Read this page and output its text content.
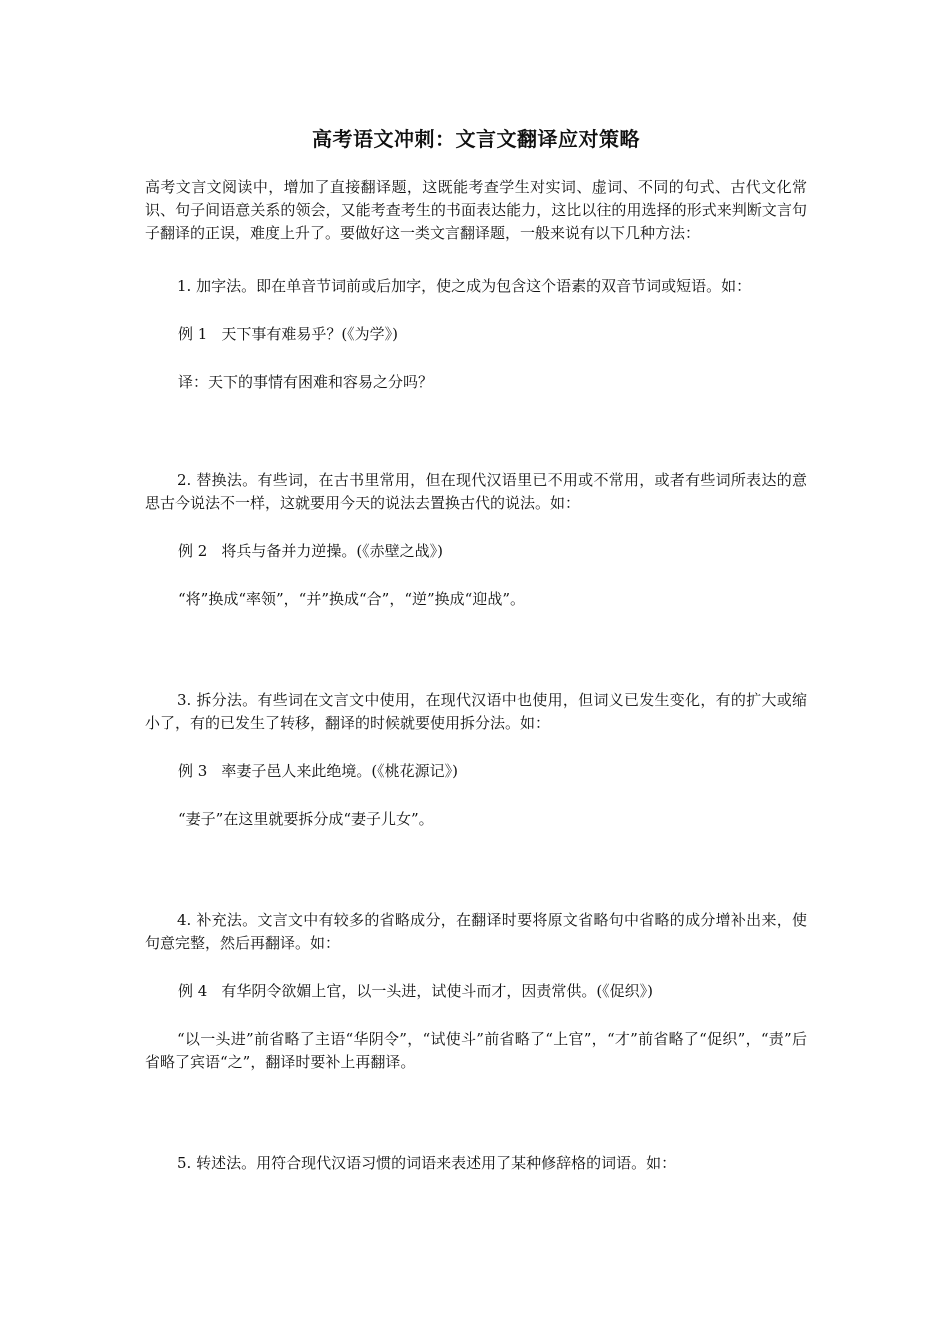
高考语文冲刺：文言文翻译应对策略

高考文言文阅读中，增加了直接翻译题，这既能考查学生对实词、虚词、不同的句式、古代文化常识、句子间语意关系的领会，又能考查考生的书面表达能力，这比以往的用选择的形式来判断文言句子翻译的正误，难度上升了。要做好这一类文言翻译题，一般来说有以下几种方法：

1. 加字法。即在单音节词前或后加字，使之成为包含这个语素的双音节词或短语。如：

例 1 天下事有难易乎？(《为学》)

译：天下的事情有困难和容易之分吗？

2. 替换法。有些词，在古书里常用，但在现代汉语里已不用或不常用，或者有些词所表达的意思古今说法不一样，这就要用今天的说法去置换古代的说法。如：

例 2 将兵与备并力逆操。(《赤壁之战》)

“将”换成“率领”，“并”换成“合”，“逆”换成“迎战”。

3. 拆分法。有些词在文言文中使用，在现代汉语中也使用，但词义已发生变化，有的扩大或缩小了，有的已发生了转移，翻译的时候就要使用拆分法。如：

例 3 率妻子邑人来此绝境。(《桃花源记》)

“妻子”在这里就要拆分成“妻子儿女”。

4. 补充法。文言文中有较多的省略成分，在翻译时要将原文省略句中省略的成分增补出来，使句意完整，然后再翻译。如：

例 4 有华阴令欲媚上官，以一头进，试使斗而才，因责常供。(《促织》)

“以一头进”前省略了主语“华阴令”，“试使斗”前省略了“上官”，“才”前省略了“促织”，“责”后省略了宾语“之”，翻译时要补上再翻译。

5. 转述法。用符合现代汉语习惯的词语来表述用了某种修辞格的词语。如：
